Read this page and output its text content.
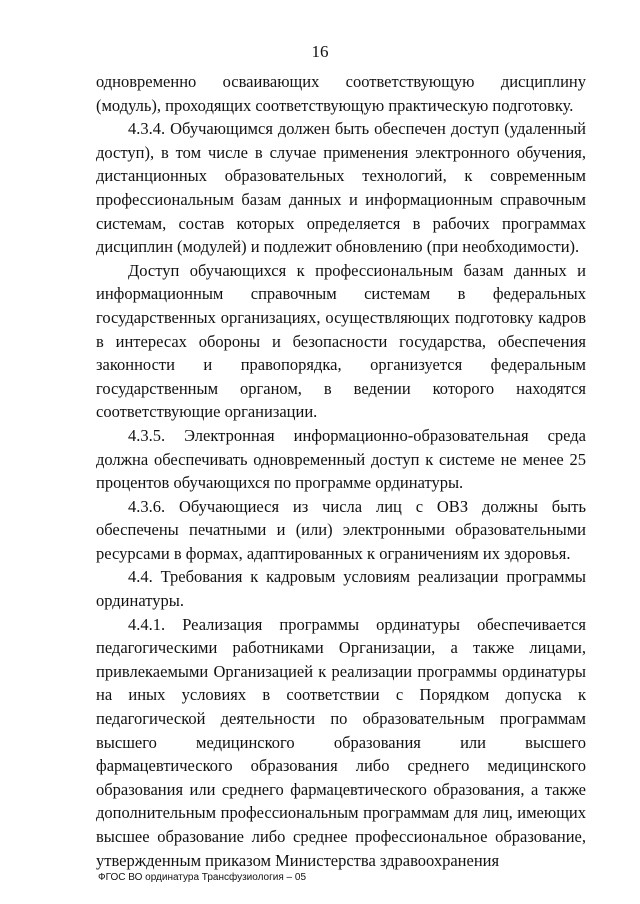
16

одновременно осваивающих соответствующую дисциплину (модуль), проходящих соответствующую практическую подготовку.

4.3.4. Обучающимся должен быть обеспечен доступ (удаленный доступ), в том числе в случае применения электронного обучения, дистанционных образовательных технологий, к современным профессиональным базам данных и информационным справочным системам, состав которых определяется в рабочих программах дисциплин (модулей) и подлежит обновлению (при необходимости).

Доступ обучающихся к профессиональным базам данных и информационным справочным системам в федеральных государственных организациях, осуществляющих подготовку кадров в интересах обороны и безопасности государства, обеспечения законности и правопорядка, организуется федеральным государственным органом, в ведении которого находятся соответствующие организации.

4.3.5. Электронная информационно-образовательная среда должна обеспечивать одновременный доступ к системе не менее 25 процентов обучающихся по программе ординатуры.

4.3.6. Обучающиеся из числа лиц с ОВЗ должны быть обеспечены печатными и (или) электронными образовательными ресурсами в формах, адаптированных к ограничениям их здоровья.

4.4. Требования к кадровым условиям реализации программы ординатуры.

4.4.1. Реализация программы ординатуры обеспечивается педагогическими работниками Организации, а также лицами, привлекаемыми Организацией к реализации программы ординатуры на иных условиях в соответствии с Порядком допуска к педагогической деятельности по образовательным программам высшего медицинского образования или высшего фармацевтического образования либо среднего медицинского образования или среднего фармацевтического образования, а также дополнительным профессиональным программам для лиц, имеющих высшее образование либо среднее профессиональное образование, утвержденным приказом Министерства здравоохранения

ФГОС ВО ординатура Трансфузиология – 05
